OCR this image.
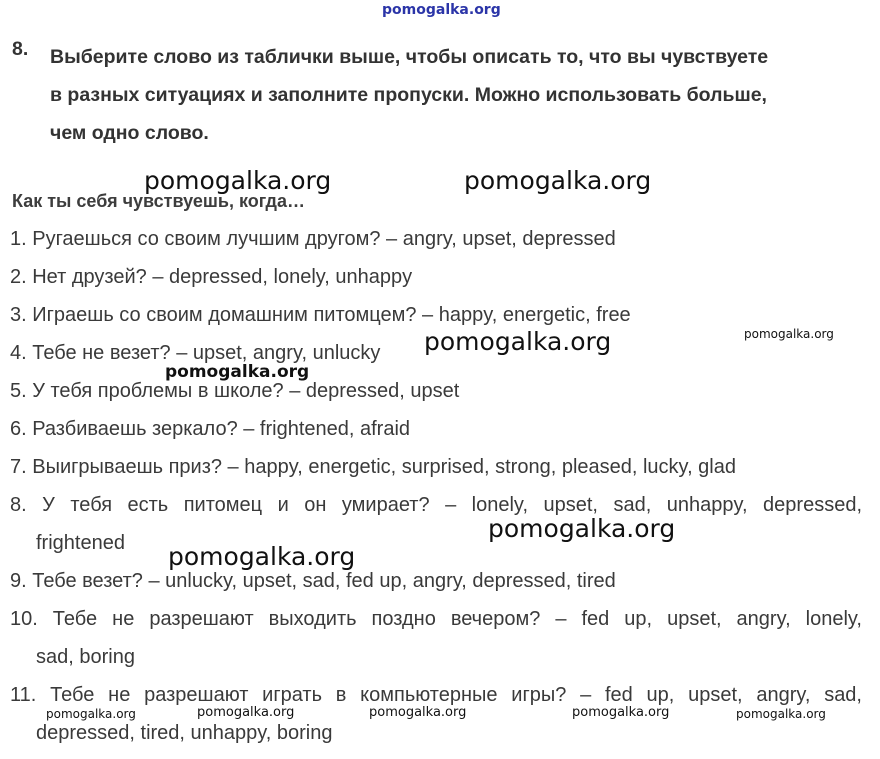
pomogalka.org
pomogalka.org	pomogalka.org
pomogalka.org
pomogalka.org
pomogalka.org
pomogalka.org
pomogalka.org
pomogalka.org	pomogalka.org	pomogalka.org	pomogalka.org	pomogalka.org
8. Выберите слово из таблички выше, чтобы описать то, что вы чувствуете
в разных ситуациях и заполните пропуски. Можно использовать больше,
чем одно слово.
Как ты себя чувствуешь, когда…
1. Ругаешься со своим лучшим другом? – angry, upset, depressed
2. Нет друзей? – depressed, lonely, unhappy
3. Играешь со своим домашним питомцем? – happy, energetic, free
4. Тебе не везет? – upset, angry, unlucky
5. У тебя проблемы в школе? – depressed, upset
6. Разбиваешь зеркало? – frightened, afraid
7. Выигрываешь приз? – happy, energetic, surprised, strong, pleased, lucky, glad
8. У тебя есть питомец и он умирает? – lonely, upset, sad, unhappy, depressed,
frightened
9. Тебе везет? – unlucky, upset, sad, fed up, angry, depressed, tired
10. Тебе не разрешают выходить поздно вечером? – fed up, upset, angry, lonely,
sad, boring
11. Тебе не разрешают играть в компьютерные игры? – fed up, upset, angry, sad,
depressed, tired, unhappy, boring
